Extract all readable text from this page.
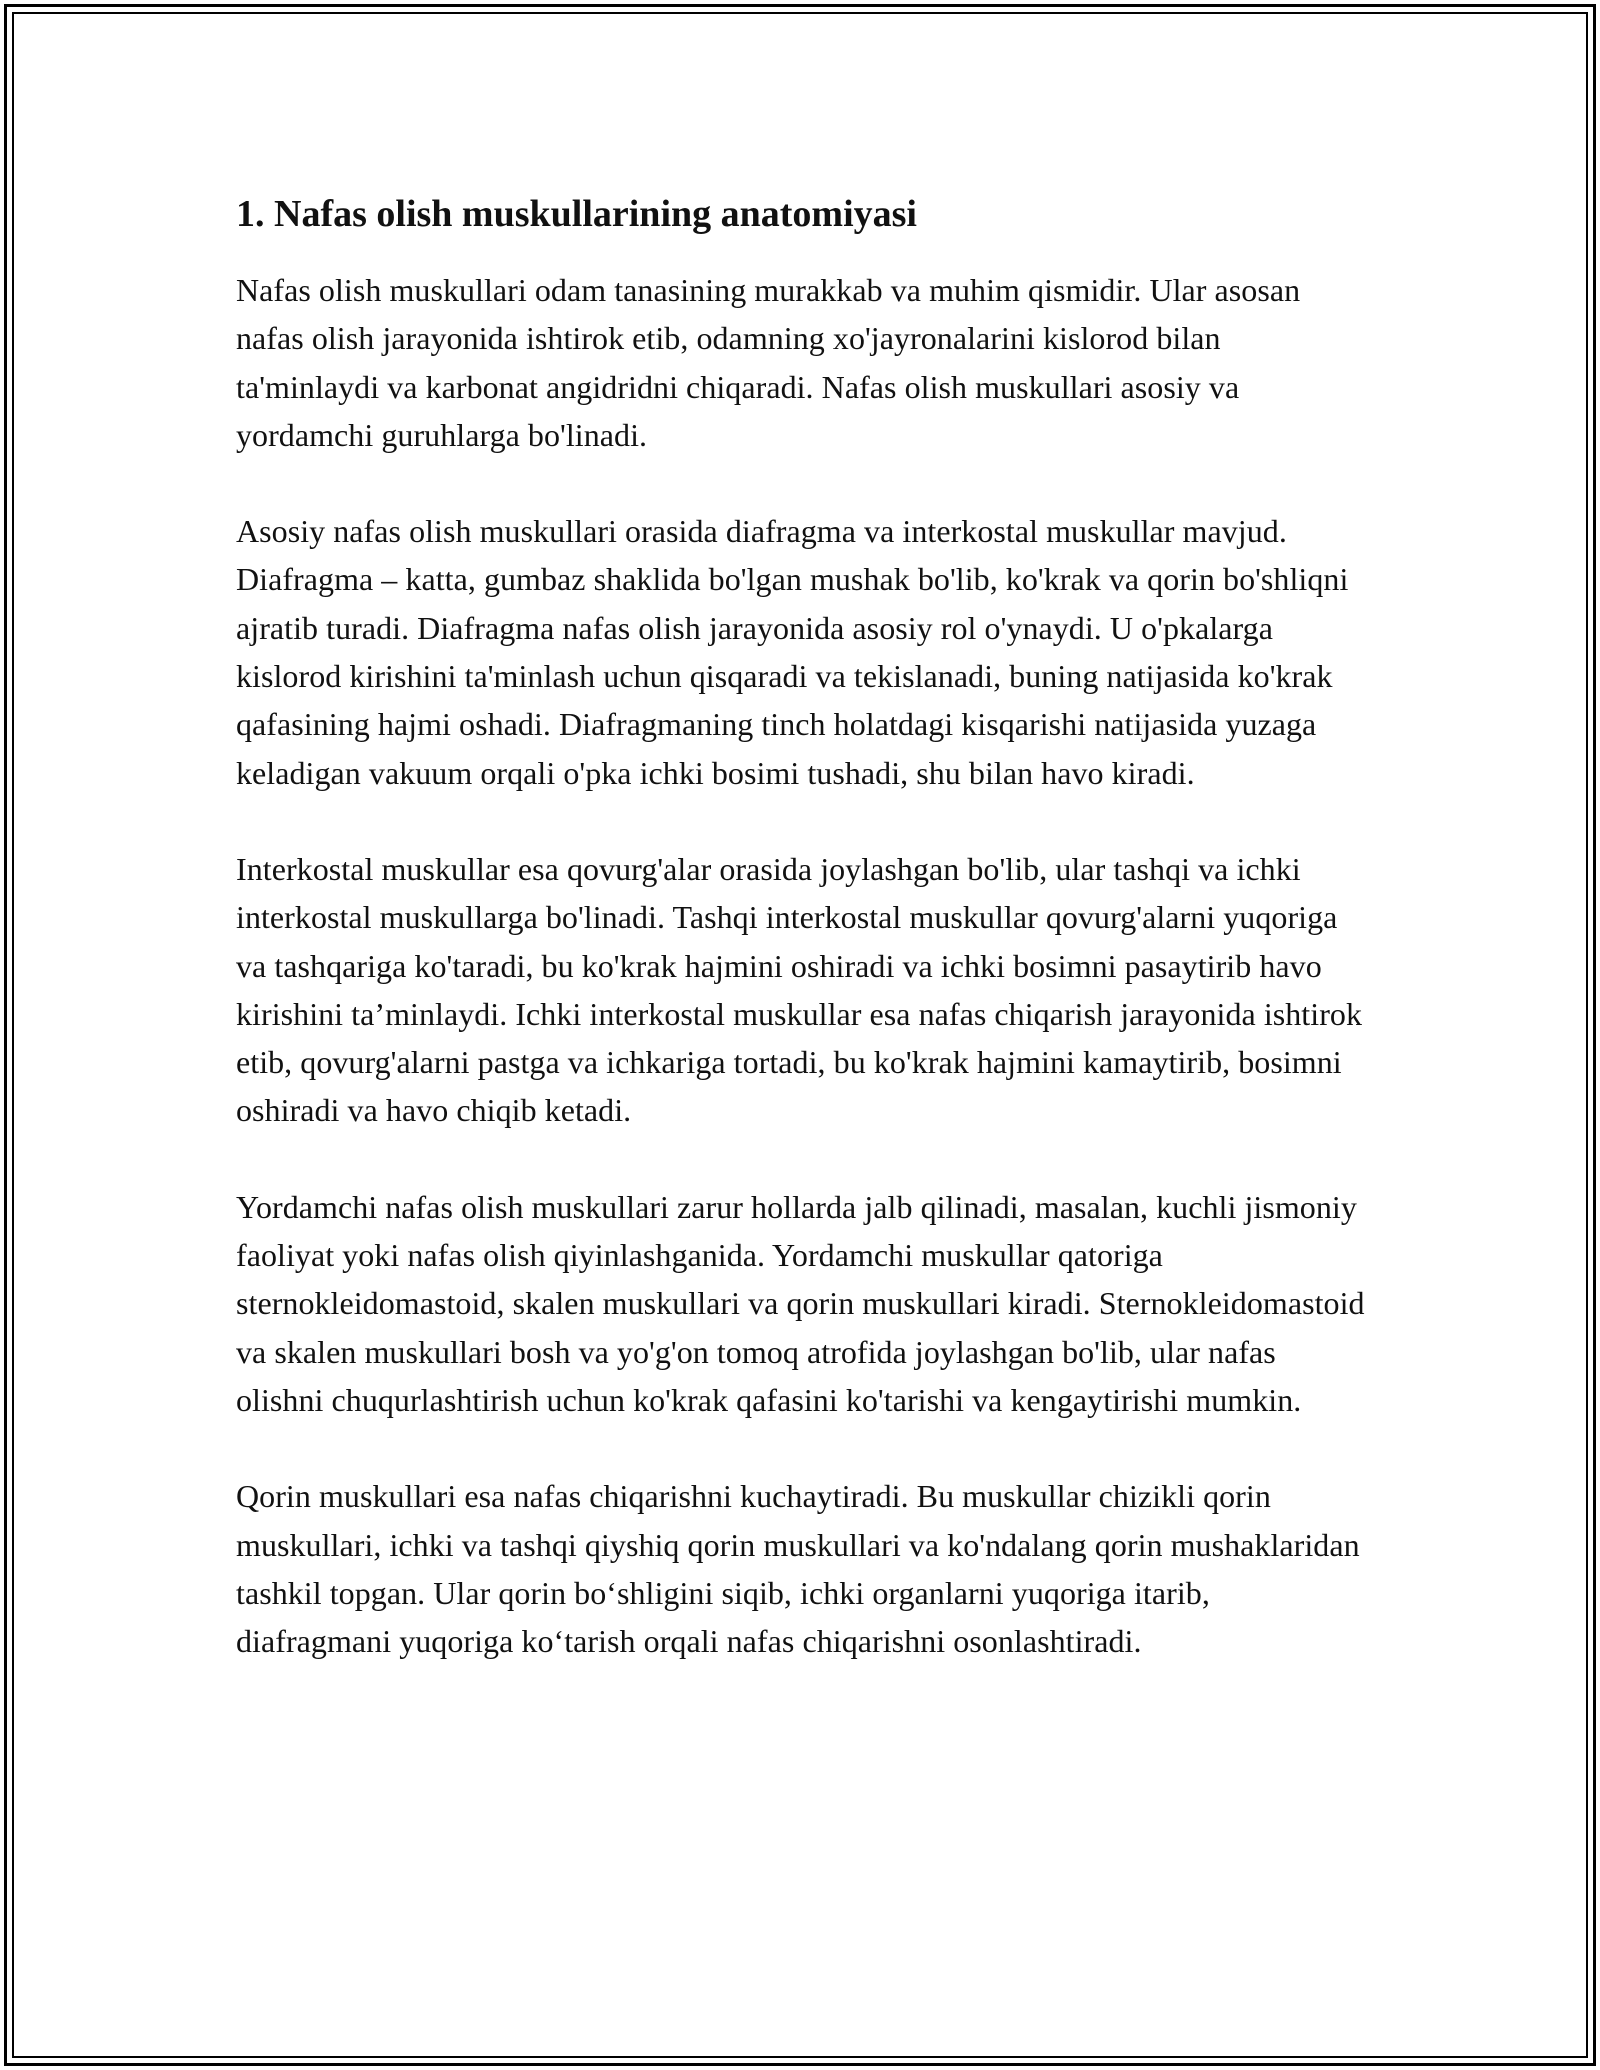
1. Nafas olish muskullarining anatomiyasi

Nafas olish muskullari odam tanasining murakkab va muhim qismidir. Ular asosan nafas olish jarayonida ishtirok etib, odamning xo'jayronalarini kislorod bilan ta'minlaydi va karbonat angidridni chiqaradi. Nafas olish muskullari asosiy va yordamchi guruhlarga bo'linadi.

Asosiy nafas olish muskullari orasida diafragma va interkostal muskullar mavjud. Diafragma – katta, gumbaz shaklida bo'lgan mushak bo'lib, ko'krak va qorin bo'shliqni ajratib turadi. Diafragma nafas olish jarayonida asosiy rol o'ynaydi. U o'pkalarga kislorod kirishini ta'minlash uchun qisqaradi va tekislanadi, buning natijasida ko'krak qafasining hajmi oshadi. Diafragmaning tinch holatdagi kisqarishi natijasida yuzaga keladigan vakuum orqali o'pka ichki bosimi tushadi, shu bilan havo kiradi.

Interkostal muskullar esa qovurg'alar orasida joylashgan bo'lib, ular tashqi va ichki interkostal muskullarga bo'linadi. Tashqi interkostal muskullar qovurg'alarni yuqoriga va tashqariga ko'taradi, bu ko'krak hajmini oshiradi va ichki bosimni pasaytirib havo kirishini ta’minlaydi. Ichki interkostal muskullar esa nafas chiqarish jarayonida ishtirok etib, qovurg'alarni pastga va ichkariga tortadi, bu ko'krak hajmini kamaytirib, bosimni oshiradi va havo chiqib ketadi.

Yordamchi nafas olish muskullari zarur hollarda jalb qilinadi, masalan, kuchli jismoniy faoliyat yoki nafas olish qiyinlashganida. Yordamchi muskullar qatoriga sternokleidomastoid, skalen muskullari va qorin muskullari kiradi. Sternokleidomastoid va skalen muskullari bosh va yo'g'on tomoq atrofida joylashgan bo'lib, ular nafas olishni chuqurlashtirish uchun ko'krak qafasini ko'tarishi va kengaytirishi mumkin.

Qorin muskullari esa nafas chiqarishni kuchaytiradi. Bu muskullar chizikli qorin muskullari, ichki va tashqi qiyshiq qorin muskullari va ko'ndalang qorin mushaklaridan tashkil topgan. Ular qorin bo‘shligini siqib, ichki organlarni yuqoriga itarib, diafragmani yuqoriga ko‘tarish orqali nafas chiqarishni osonlashtiradi.
